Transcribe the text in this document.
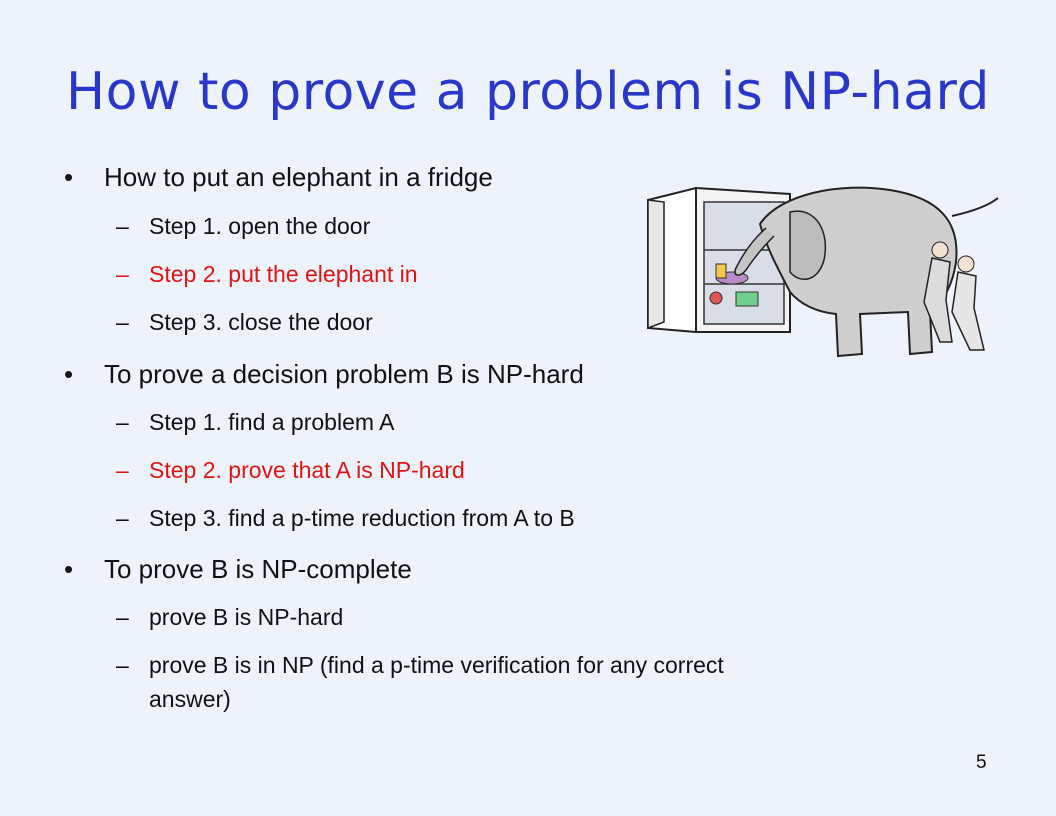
How to prove a problem is NP-hard
• How to put an elephant in a fridge
– Step 1. open the door
– Step 2. put the elephant in
– Step 3. close the door
• To prove a decision problem B is NP-hard
– Step 1. find a problem A
– Step 2. prove that A is NP-hard
– Step 3. find a p-time reduction from A to B
• To prove B is NP-complete
– prove B is NP-hard
– prove B is in NP (find a p-time verification for any correct
answer)
5
